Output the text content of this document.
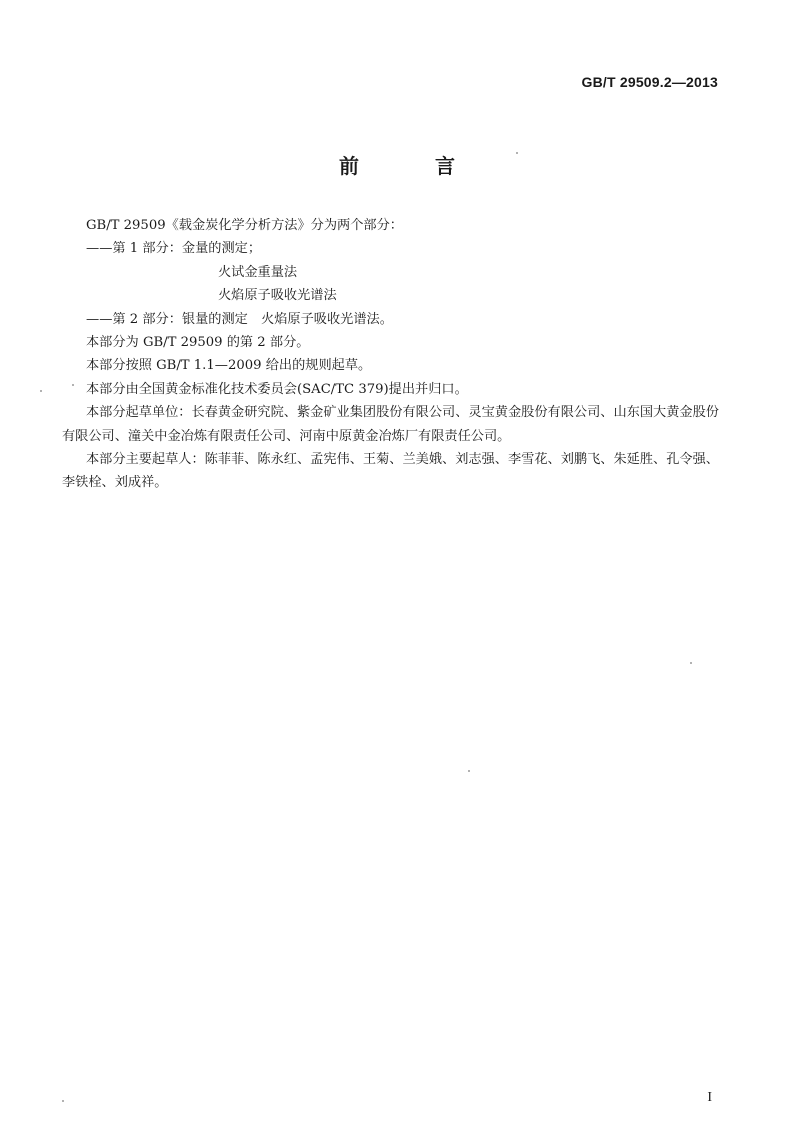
GB/T 29509.2—2013
前　言

GB/T 29509《载金炭化学分析方法》分为两个部分：

——第 1 部分：金量的测定；

火试金重量法

火焰原子吸收光谱法

——第 2 部分：银量的测定　火焰原子吸收光谱法。

本部分为 GB/T 29509 的第 2 部分。

本部分按照 GB/T 1.1—2009 给出的规则起草。

本部分由全国黄金标准化技术委员会(SAC/TC 379)提出并归口。

本部分起草单位：长春黄金研究院、紫金矿业集团股份有限公司、灵宝黄金股份有限公司、山东国大黄金股份有限公司、潼关中金冶炼有限责任公司、河南中原黄金冶炼厂有限责任公司。

本部分主要起草人：陈菲菲、陈永红、孟宪伟、王菊、兰美娥、刘志强、李雪花、刘鹏飞、朱延胜、孔令强、李铁栓、刘成祥。

I
